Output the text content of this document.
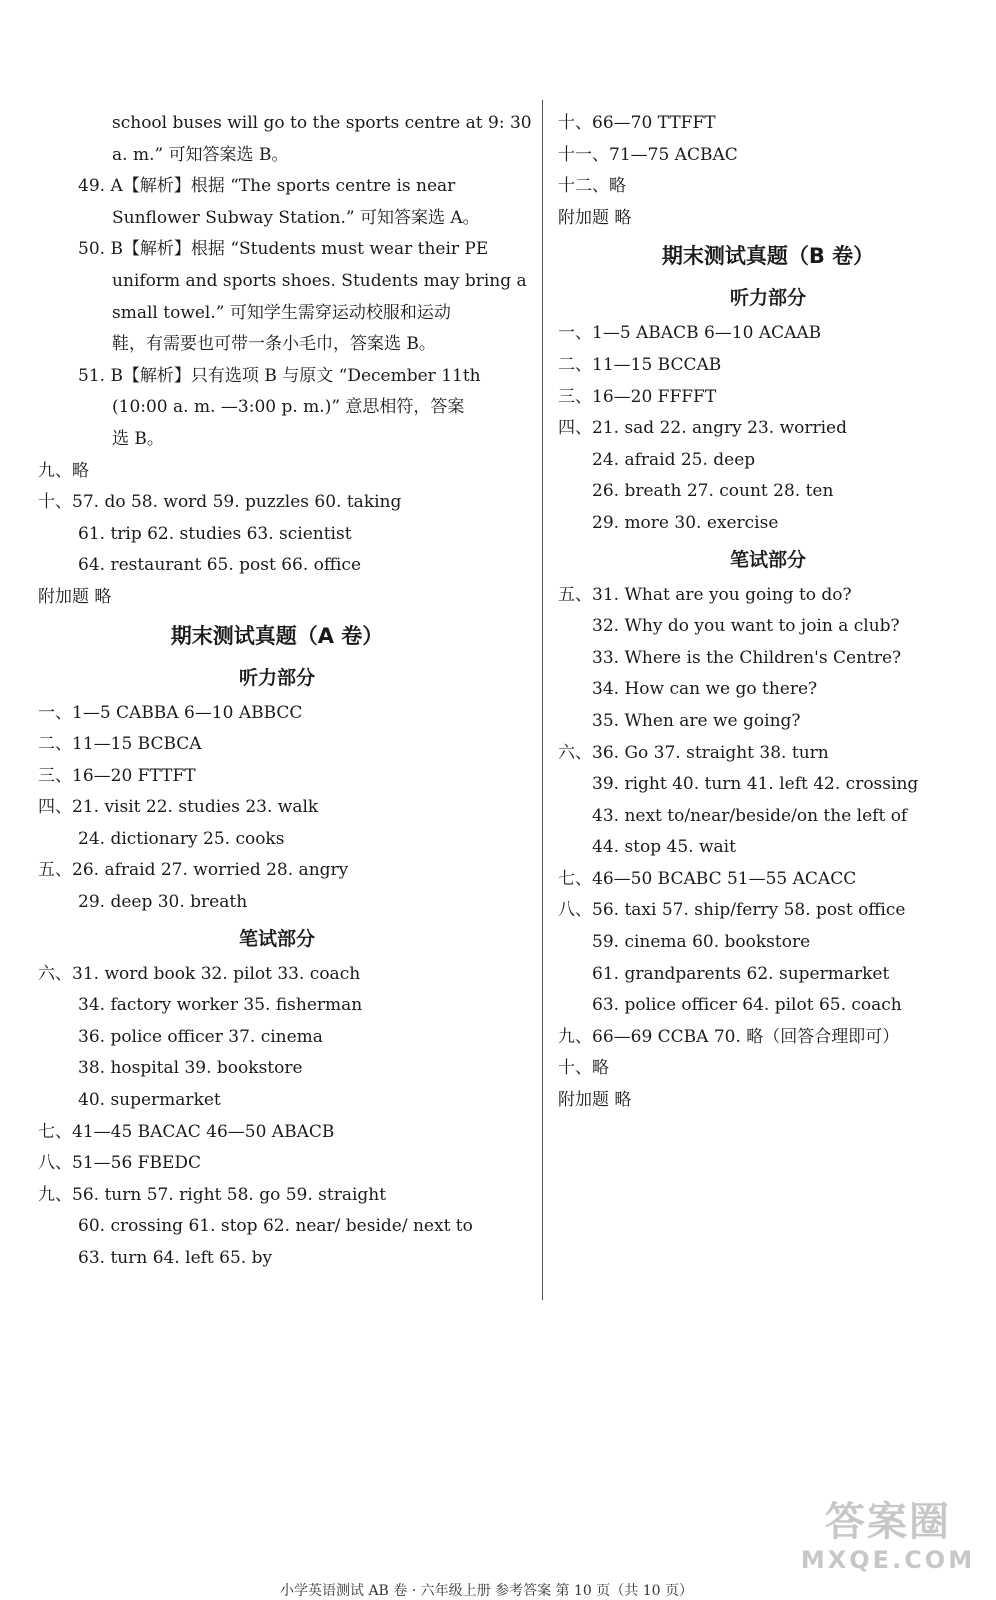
school buses will go to the sports centre at 9: 30
a. m.” 可知答案选 B。
49. A【解析】根据 “The sports centre is near
Sunflower Subway Station.” 可知答案选 A。
50. B【解析】根据 “Students must wear their PE
uniform and sports shoes. Students may bring a
small towel.” 可知学生需穿运动校服和运动
鞋，有需要也可带一条小毛巾，答案选 B。
51. B【解析】只有选项 B 与原文 “December 11th
(10:00 a. m. —3:00 p. m.)” 意思相符，答案
选 B。
九、略
十、57. do 58. word 59. puzzles 60. taking
61. trip 62. studies 63. scientist
64. restaurant 65. post 66. office
附加题 略
期末测试真题（A 卷）
听力部分
一、1—5 CABBA 6—10 ABBCC
二、11—15 BCBCA
三、16—20 FTTFT
四、21. visit 22. studies 23. walk
24. dictionary 25. cooks
五、26. afraid 27. worried 28. angry
29. deep 30. breath
笔试部分
六、31. word book 32. pilot 33. coach
34. factory worker 35. fisherman
36. police officer 37. cinema
38. hospital 39. bookstore
40. supermarket
七、41—45 BACAC 46—50 ABACB
八、51—56 FBEDC
九、56. turn 57. right 58. go 59. straight
60. crossing 61. stop 62. near/ beside/ next to
63. turn 64. left 65. by
十、66—70 TTFFT
十一、71—75 ACBAC
十二、略
附加题 略
期末测试真题（B 卷）
听力部分
一、1—5 ABACB 6—10 ACAAB
二、11—15 BCCAB
三、16—20 FFFFT
四、21. sad 22. angry 23. worried
24. afraid 25. deep
26. breath 27. count 28. ten
29. more 30. exercise
笔试部分
五、31. What are you going to do?
32. Why do you want to join a club?
33. Where is the Children's Centre?
34. How can we go there?
35. When are we going?
六、36. Go 37. straight 38. turn
39. right 40. turn 41. left 42. crossing
43. next to/near/beside/on the left of
44. stop 45. wait
七、46—50 BCABC 51—55 ACACC
八、56. taxi 57. ship/ferry 58. post office
59. cinema 60. bookstore
61. grandparents 62. supermarket
63. police officer 64. pilot 65. coach
九、66—69 CCBA 70. 略（回答合理即可）
十、略
附加题 略
小学英语测试 AB 卷 · 六年级上册 参考答案 第 10 页（共 10 页）
答案圈
MXQE.COM
